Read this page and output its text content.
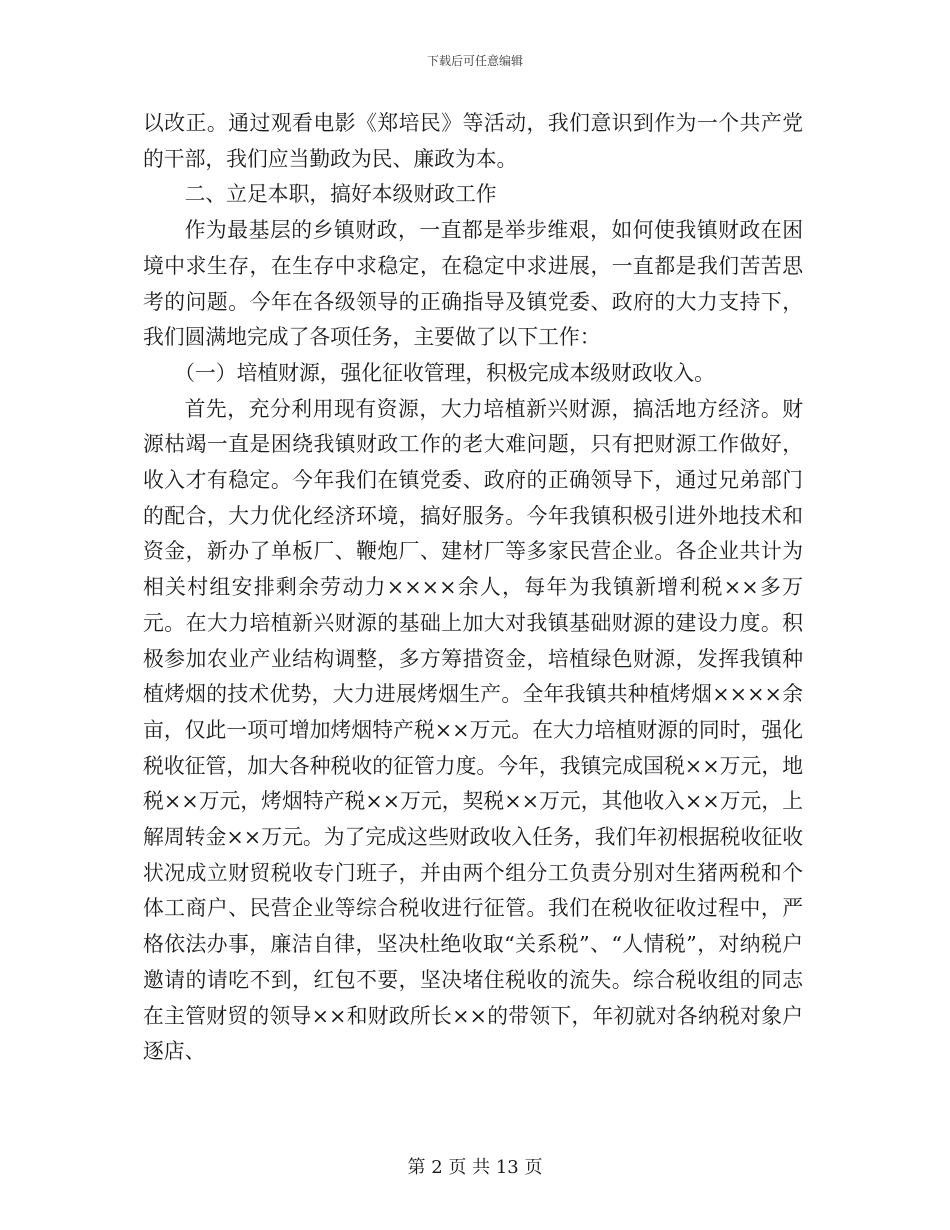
下载后可任意编辑

以改正。通过观看电影《郑培民》等活动，我们意识到作为一个共产党的干部，我们应当勤政为民、廉政为本。

二、立足本职，搞好本级财政工作

作为最基层的乡镇财政，一直都是举步维艰，如何使我镇财政在困境中求生存，在生存中求稳定，在稳定中求进展，一直都是我们苦苦思考的问题。今年在各级领导的正确指导及镇党委、政府的大力支持下，我们圆满地完成了各项任务，主要做了以下工作：

（一）培植财源，强化征收管理，积极完成本级财政收入。

首先，充分利用现有资源，大力培植新兴财源，搞活地方经济。财源枯竭一直是困绕我镇财政工作的老大难问题，只有把财源工作做好，收入才有稳定。今年我们在镇党委、政府的正确领导下，通过兄弟部门的配合，大力优化经济环境，搞好服务。今年我镇积极引进外地技术和资金，新办了单板厂、鞭炮厂、建材厂等多家民营企业。各企业共计为相关村组安排剩余劳动力××××余人，每年为我镇新增利税××多万元。在大力培植新兴财源的基础上加大对我镇基础财源的建设力度。积极参加农业产业结构调整，多方筹措资金，培植绿色财源，发挥我镇种植烤烟的技术优势，大力进展烤烟生产。全年我镇共种植烤烟××××余亩，仅此一项可增加烤烟特产税××万元。在大力培植财源的同时，强化税收征管，加大各种税收的征管力度。今年，我镇完成国税××万元，地税××万元，烤烟特产税××万元，契税××万元，其他收入××万元，上解周转金××万元。为了完成这些财政收入任务，我们年初根据税收征收状况成立财贸税收专门班子，并由两个组分工负责分别对生猪两税和个体工商户、民营企业等综合税收进行征管。我们在税收征收过程中，严格依法办事，廉洁自律，坚决杜绝收取“关系税”、“人情税”，对纳税户邀请的请吃不到，红包不要，坚决堵住税收的流失。综合税收组的同志在主管财贸的领导××和财政所长××的带领下，年初就对各纳税对象户逐店、

第 2 页 共 13 页
